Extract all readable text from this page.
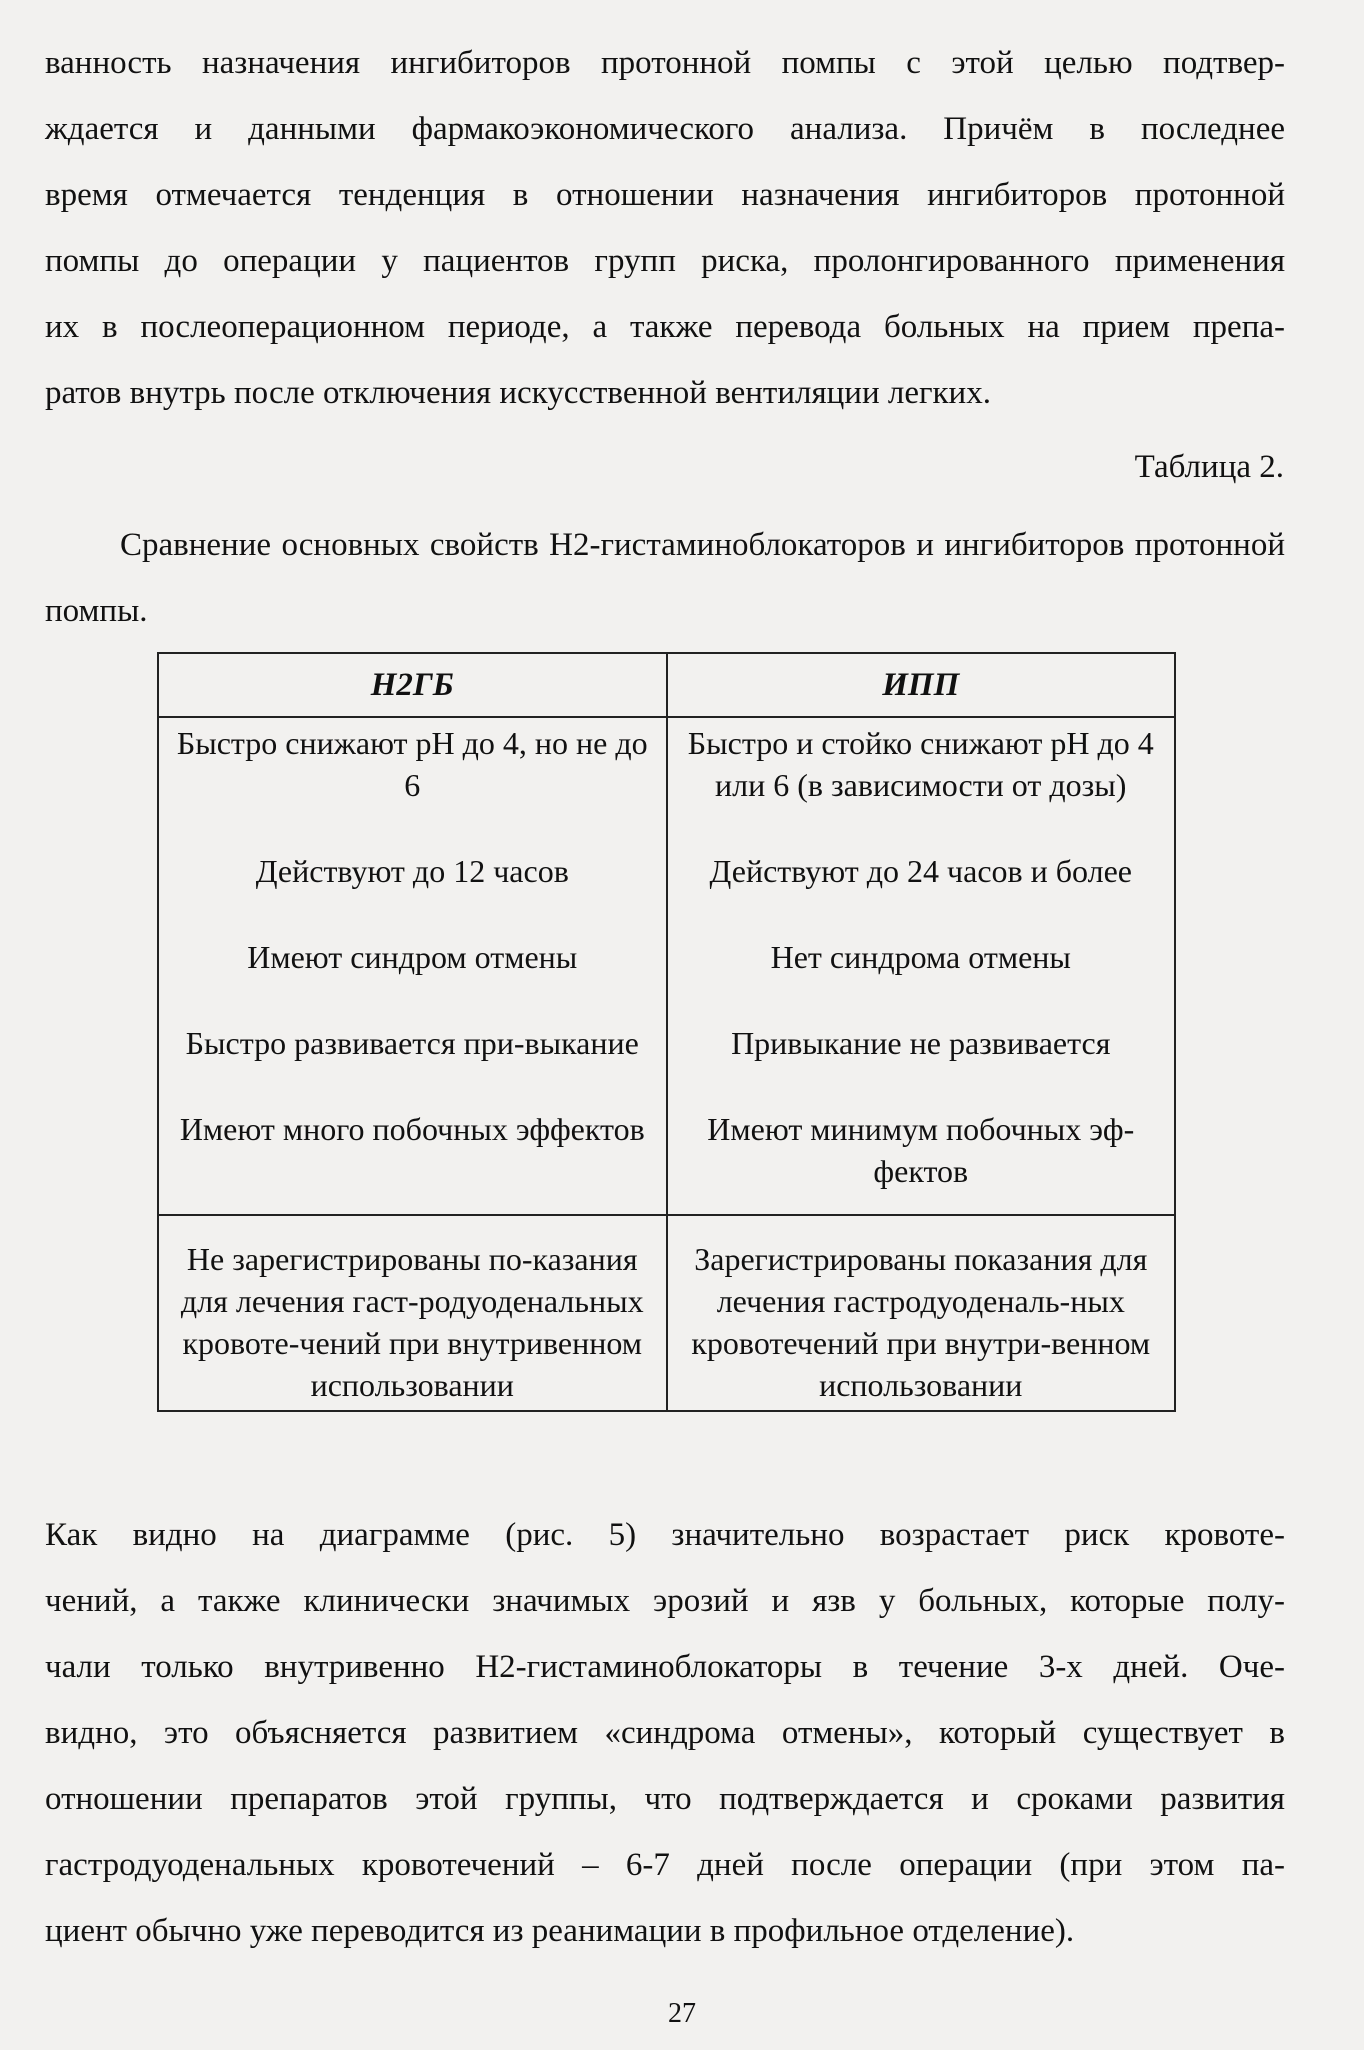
ванность назначения ингибиторов протонной помпы с этой целью подтвер-

ждается и данными фармакоэкономического анализа. Причём в последнее

время отмечается тенденция в отношении назначения ингибиторов протонной

помпы до операции у пациентов групп риска, пролонгированного применения

их в послеоперационном периоде, а также перевода больных на прием препа-

ратов внутрь после отключения искусственной вентиляции легких.

Таблица 2.

Сравнение основных свойств Н2-гистаминоблокаторов и ингибиторов протонной помпы.

Н2ГБ	ИПП
Быстро снижают рН до 4, но не до 6	Быстро и стойко снижают рН до 4 или 6 (в зависимости от дозы)
Действуют до 12 часов	Действуют до 24 часов и более
Имеют синдром отмены	Нет синдрома отмены
Быстро развивается при-выкание	Привыкание не развивается
Имеют много побочных эффектов	Имеют минимум побочных эф-фектов
Не зарегистрированы по-казания для лечения гаст-родуоденальных кровоте-чений при внутривенном использовании	Зарегистрированы показания для лечения гастродуоденаль-ных кровотечений при внутри-венном использовании

Как видно на диаграмме (рис. 5) значительно возрастает риск кровоте-

чений, а также клинически значимых эрозий и язв у больных, которые полу-

чали только внутривенно Н2-гистаминоблокаторы в течение 3-х дней. Оче-

видно, это объясняется развитием «синдрома отмены», который существует в

отношении препаратов этой группы, что подтверждается и сроками развития

гастродуоденальных кровотечений – 6-7 дней после операции (при этом па-

циент обычно уже переводится из реанимации в профильное отделение).

27
